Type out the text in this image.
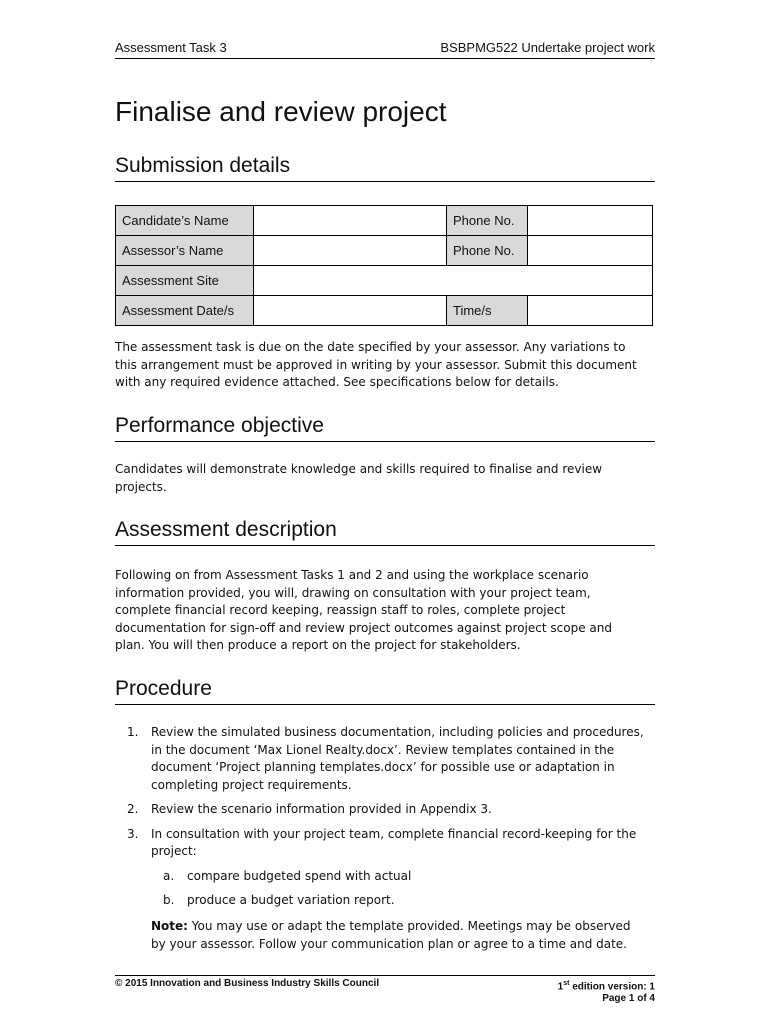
Assessment Task 3	BSBPMG522 Undertake project work
Finalise and review project
Submission details
Candidate’s Name		Phone No.	
Assessor’s Name		Phone No.	
Assessment Site			
Assessment Date/s		Time/s	

The assessment task is due on the date specified by your assessor. Any variations to this arrangement must be approved in writing by your assessor. Submit this document with any required evidence attached. See specifications below for details.

Performance objective

Candidates will demonstrate knowledge and skills required to finalise and review projects.

Assessment description

Following on from Assessment Tasks 1 and 2 and using the workplace scenario information provided, you will, drawing on consultation with your project team, complete financial record keeping, reassign staff to roles, complete project documentation for sign-off and review project outcomes against project scope and plan. You will then produce a report on the project for stakeholders.

Procedure
1. Review the simulated business documentation, including policies and procedures, in the document ‘Max Lionel Realty.docx’. Review templates contained in the document ‘Project planning templates.docx’ for possible use or adaptation in completing project requirements.
2. Review the scenario information provided in Appendix 3.
3. In consultation with your project team, complete financial record-keeping for the project:
a. compare budgeted spend with actual
b. produce a budget variation report.
Note: You may use or adapt the template provided. Meetings may be observed by your assessor. Follow your communication plan or agree to a time and date.
© 2015 Innovation and Business Industry Skills Council	1st edition version: 1
Page 1 of 4
